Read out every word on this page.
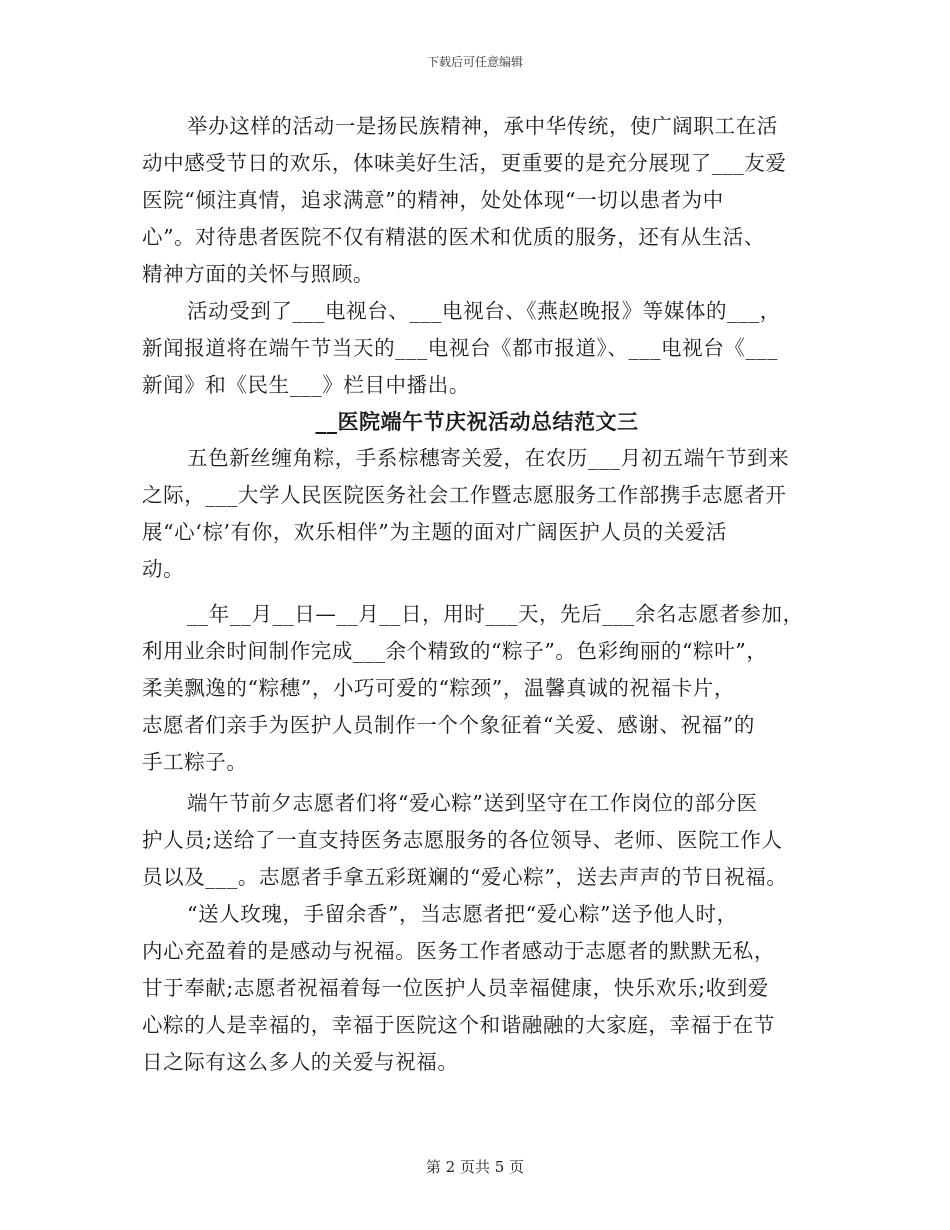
下载后可任意编辑
举办这样的活动一是扬民族精神，承中华传统，使广阔职工在活
动中感受节日的欢乐，体味美好生活，更重要的是充分展现了___友爱
医院“倾注真情，追求满意”的精神，处处体现“一切以患者为中
心”。对待患者医院不仅有精湛的医术和优质的服务，还有从生活、
精神方面的关怀与照顾。
活动受到了___电视台、___电视台、《燕赵晚报》等媒体的___，
新闻报道将在端午节当天的___电视台《都市报道》、___电视台《___
新闻》和《民生___》栏目中播出。
__医院端午节庆祝活动总结范文三
五色新丝缠角粽，手系棕穗寄关爱，在农历___月初五端午节到来
之际，___大学人民医院医务社会工作暨志愿服务工作部携手志愿者开
展“心‘棕’有你，欢乐相伴”为主题的面对广阔医护人员的关爱活
动。
__年__月__日—__月__日，用时___天，先后___余名志愿者参加，
利用业余时间制作完成___余个精致的“粽子”。色彩绚丽的“粽叶”，
柔美飘逸的“粽穗”，小巧可爱的“粽颈”，温馨真诚的祝福卡片，
志愿者们亲手为医护人员制作一个个象征着“关爱、感谢、祝福”的
手工粽子。
端午节前夕志愿者们将“爱心粽”送到坚守在工作岗位的部分医
护人员;送给了一直支持医务志愿服务的各位领导、老师、医院工作人
员以及___。志愿者手拿五彩斑斓的“爱心粽”，送去声声的节日祝福。
“送人玫瑰，手留余香”，当志愿者把“爱心粽”送予他人时，
内心充盈着的是感动与祝福。医务工作者感动于志愿者的默默无私，
甘于奉献;志愿者祝福着每一位医护人员幸福健康，快乐欢乐;收到爱
心粽的人是幸福的，幸福于医院这个和谐融融的大家庭，幸福于在节
日之际有这么多人的关爱与祝福。
第 2 页共 5 页
